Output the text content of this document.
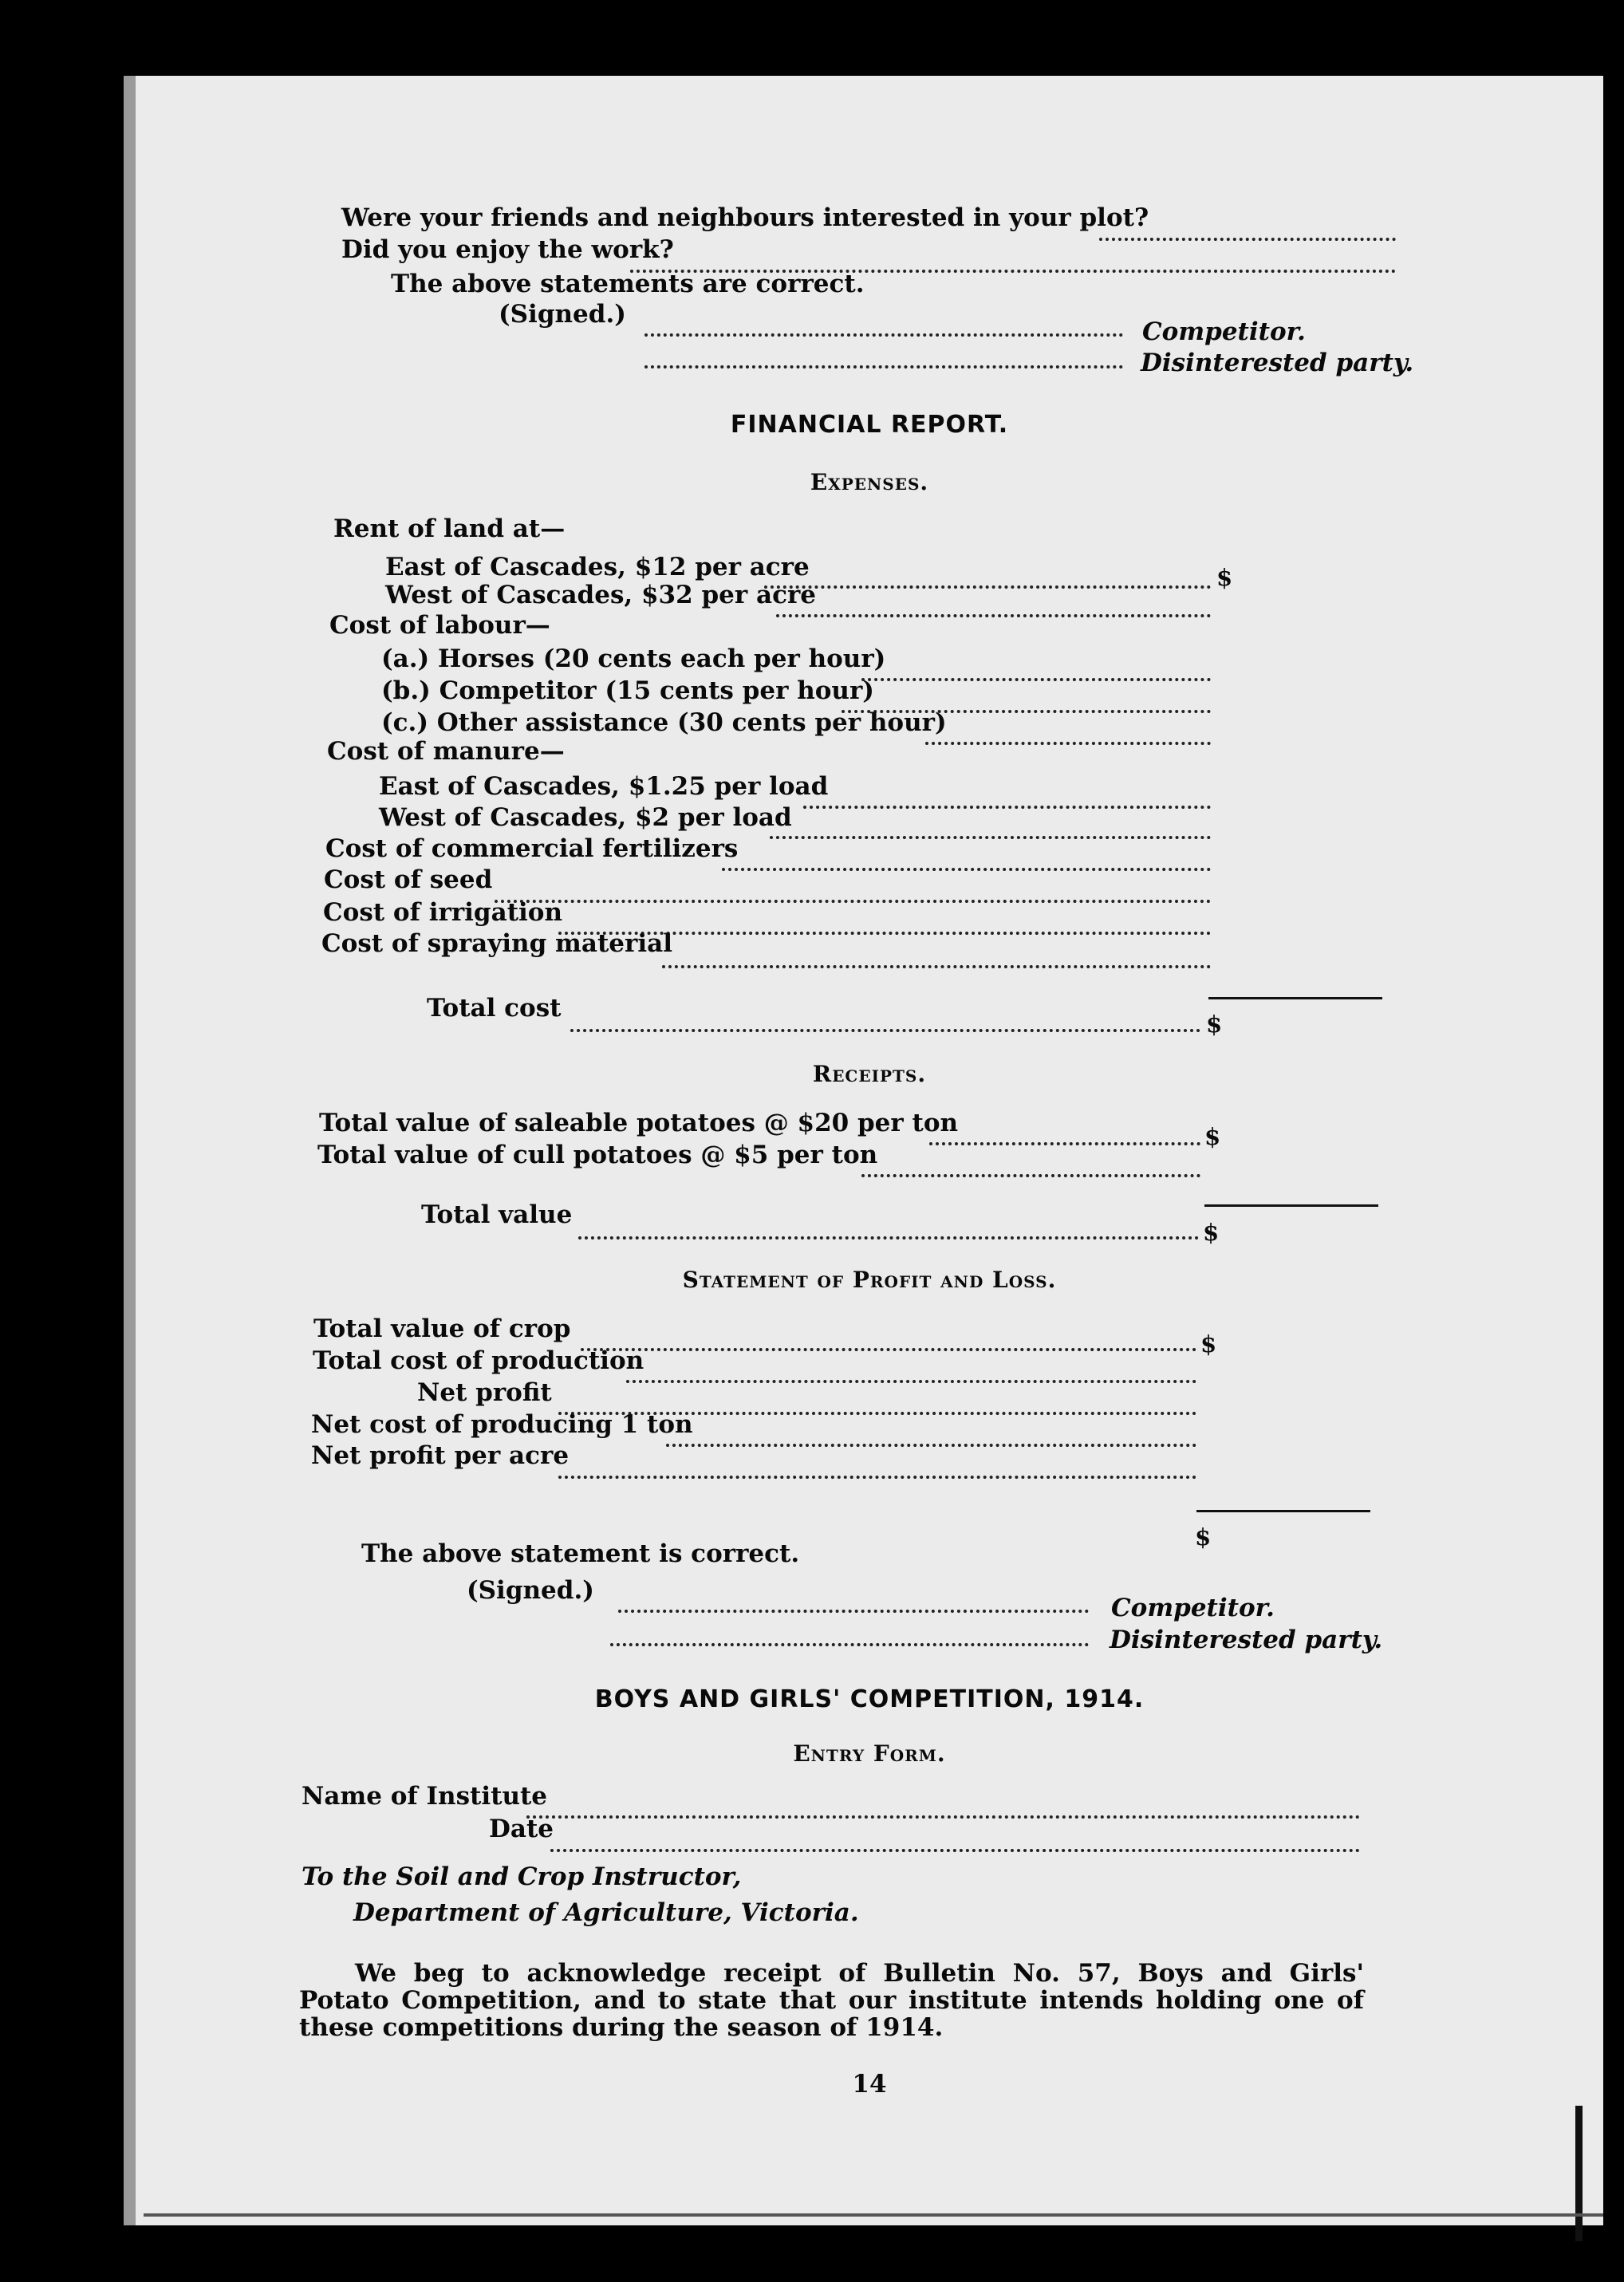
Were your friends and neighbours interested in your plot?
Did you enjoy the work?
The above statements are correct.
(Signed.)
Competitor.
Disinterested party.
FINANCIAL REPORT.
Expenses.
Rent of land at—
East of Cascades, $12 per acre	$
West of Cascades, $32 per acre
Cost of labour—
(a.) Horses (20 cents each per hour)
(b.) Competitor (15 cents per hour)
(c.) Other assistance (30 cents per hour)
Cost of manure—
East of Cascades, $1.25 per load
West of Cascades, $2 per load
Cost of commercial fertilizers
Cost of seed
Cost of irrigation
Cost of spraying material
Total cost
$
Receipts.
Total value of saleable potatoes @ $20 per ton	$
Total value of cull potatoes @ $5 per ton
Total value
$
Statement of Profit and Loss.
Total value of crop
$
Total cost of production
Net profit
Net cost of producing 1 ton
Net profit per acre
$
The above statement is correct.
(Signed.)
Competitor.
Disinterested party.
BOYS AND GIRLS' COMPETITION, 1914.
Entry Form.
Name of Institute
Date
To the Soil and Crop Instructor,
Department of Agriculture, Victoria.

We beg to acknowledge receipt of Bulletin No. 57, Boys and Girls' Potato Competition, and to state that our institute intends holding one of these competitions during the season of 1914.

14
